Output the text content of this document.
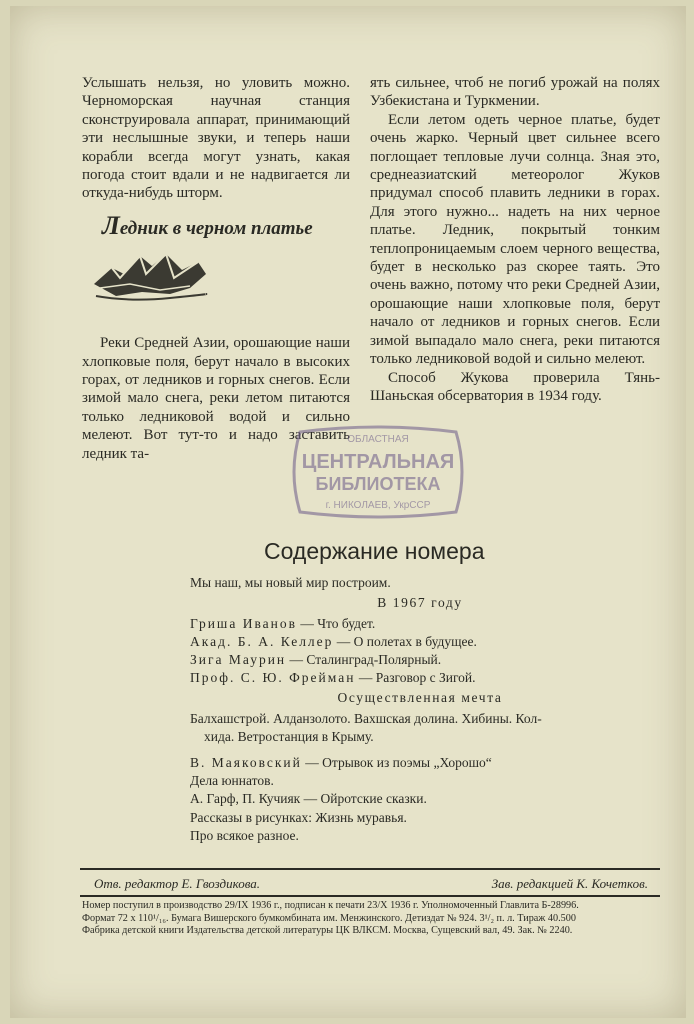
Услышать нельзя, но уловить можно. Черноморская научная станция сконструировала аппарат, принимающий эти неслышные звуки, и теперь наши корабли всегда могут узнать, какая погода стоит вдали и не надвигается ли откуда-нибудь шторм.

Ледник в черном платье

Реки Средней Азии, орошающие наши хлопковые поля, берут начало в высоких горах, от ледников и горных снегов. Если зимой мало снега, реки летом питаются только ледниковой водой и сильно мелеют. Вот тут-то и надо заставить ледник та-

ять сильнее, чтоб не погиб урожай на полях Узбекистана и Туркмении.

Если летом одеть черное платье, будет очень жарко. Черный цвет сильнее всего поглощает тепловые лучи солнца. Зная это, среднеазиатский метеоролог Жуков придумал способ плавить ледники в горах. Для этого нужно... надеть на них черное платье. Ледник, покрытый тонким теплопроницаемым слоем черного вещества, будет в несколько раз скорее таять. Это очень важно, потому что реки Средней Азии, орошающие наши хлопковые поля, берут начало от ледников и горных снегов. Если зимой выпадало мало снега, реки питаются только ледниковой водой и сильно мелеют.

Способ Жукова проверила Тянь-Шаньская обсерватория в 1934 году.

ОБЛАСТНАЯ
ЦЕНТРАЛЬНАЯ
БИБЛИОТЕКА
г. НИКОЛАЕВ, УкрССР
Содержание номера

Мы наш, мы новый мир построим.

В 1967 году

Гриша Иванов — Что будет.

Акад. Б. А. Келлер — О полетах в будущее.

Зига Маурин — Сталинград-Полярный.

Проф. С. Ю. Фрейман — Разговор с Зигой.

Осуществленная мечта

Балхашстрой. Алданзолото. Вахшская долина. Хибины. Кол-

хида. Ветростанция в Крыму.

В. Маяковский — Отрывок из поэмы „Хорошо“

Дела юннатов.

А. Гарф, П. Кучияк — Ойротские сказки.

Рассказы в рисунках: Жизнь муравья.

Про всякое разное.

Отв. редактор Е. Гвоздикова.	Зав. редакцией К. Кочетков.

Номер поступил в производство 29/IX 1936 г., подписан к печати 23/X 1936 г. Уполномоченный Главлита Б-28996.

Формат 72 x 110¹/₁₆. Бумага Вишерского бумкомбината им. Менжинского. Детиздат № 924. 3¹/₂ п. л. Тираж 40.500

Фабрика детской книги Издательства детской литературы ЦК ВЛКСМ. Москва, Сущевский вал, 49. Зак. № 2240.
